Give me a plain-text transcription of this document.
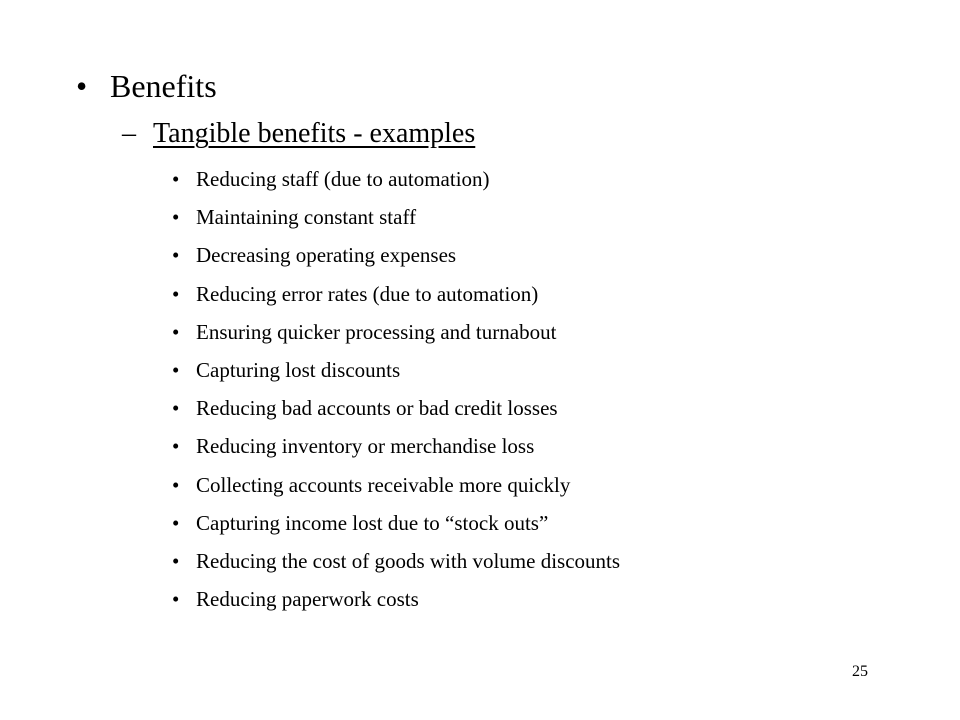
• Benefits
– Tangible benefits - examples
• Reducing staff (due to automation)
• Maintaining constant staff
• Decreasing operating expenses
• Reducing error rates (due to automation)
• Ensuring quicker processing and turnabout
• Capturing lost discounts
• Reducing bad accounts or bad credit losses
• Reducing inventory or merchandise loss
• Collecting accounts receivable more quickly
• Capturing income lost due to “stock outs”
• Reducing the cost of goods with volume discounts
• Reducing paperwork costs
25
